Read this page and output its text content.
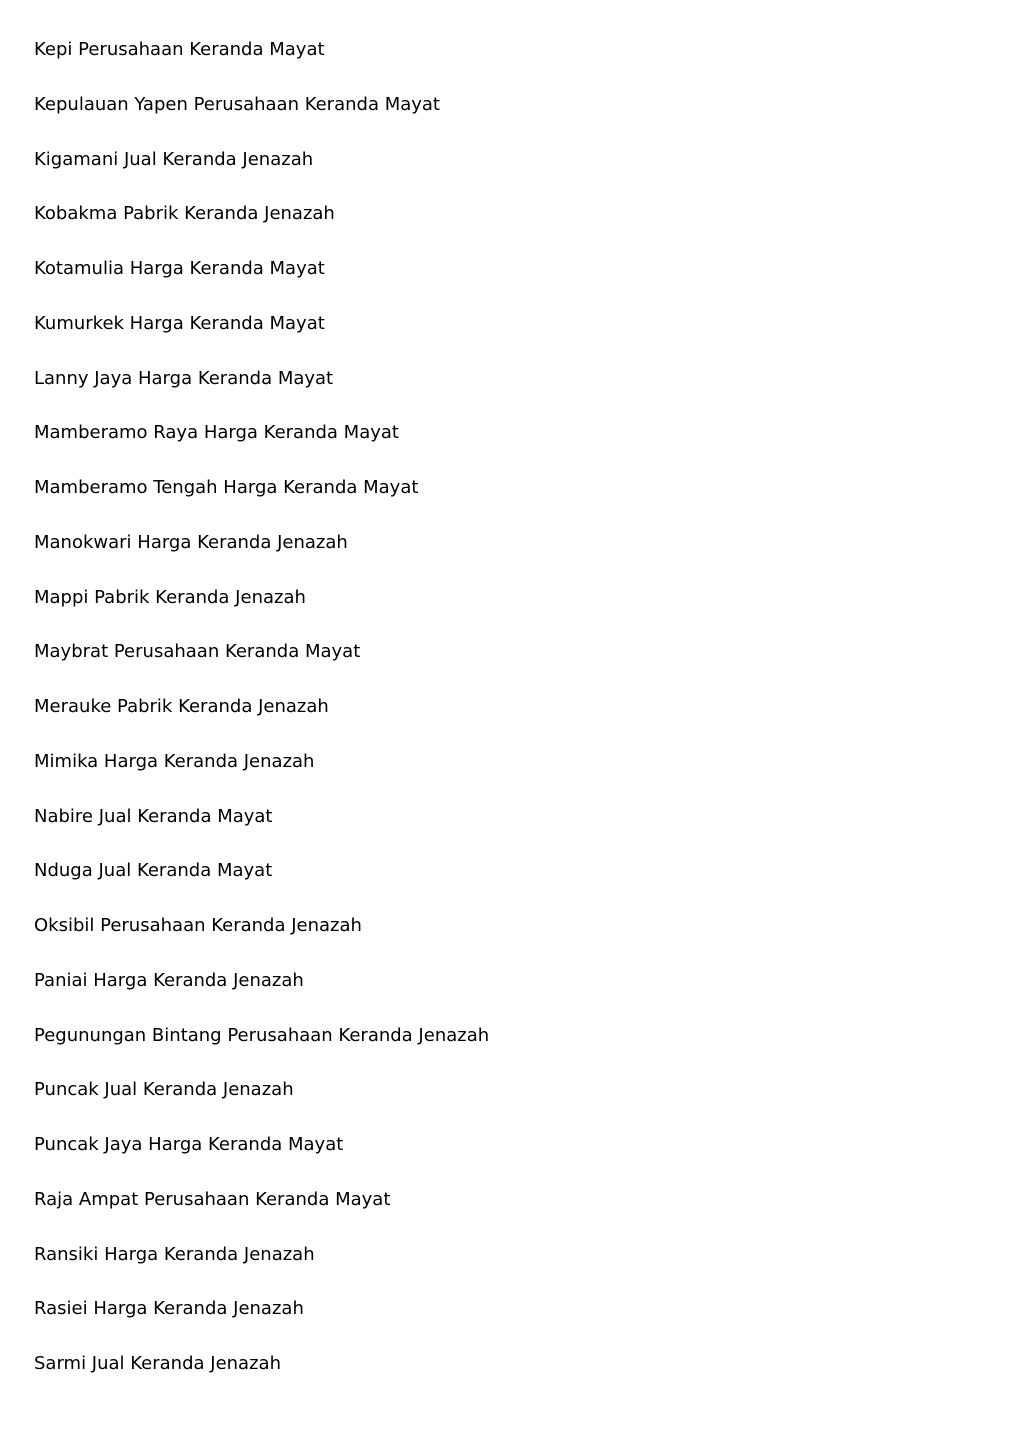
Kepi Perusahaan Keranda Mayat
Kepulauan Yapen Perusahaan Keranda Mayat
Kigamani Jual Keranda Jenazah
Kobakma Pabrik Keranda Jenazah
Kotamulia Harga Keranda Mayat
Kumurkek Harga Keranda Mayat
Lanny Jaya Harga Keranda Mayat
Mamberamo Raya Harga Keranda Mayat
Mamberamo Tengah Harga Keranda Mayat
Manokwari Harga Keranda Jenazah
Mappi Pabrik Keranda Jenazah
Maybrat Perusahaan Keranda Mayat
Merauke Pabrik Keranda Jenazah
Mimika Harga Keranda Jenazah
Nabire Jual Keranda Mayat
Nduga Jual Keranda Mayat
Oksibil Perusahaan Keranda Jenazah
Paniai Harga Keranda Jenazah
Pegunungan Bintang Perusahaan Keranda Jenazah
Puncak Jual Keranda Jenazah
Puncak Jaya Harga Keranda Mayat
Raja Ampat Perusahaan Keranda Mayat
Ransiki Harga Keranda Jenazah
Rasiei Harga Keranda Jenazah
Sarmi Jual Keranda Jenazah
